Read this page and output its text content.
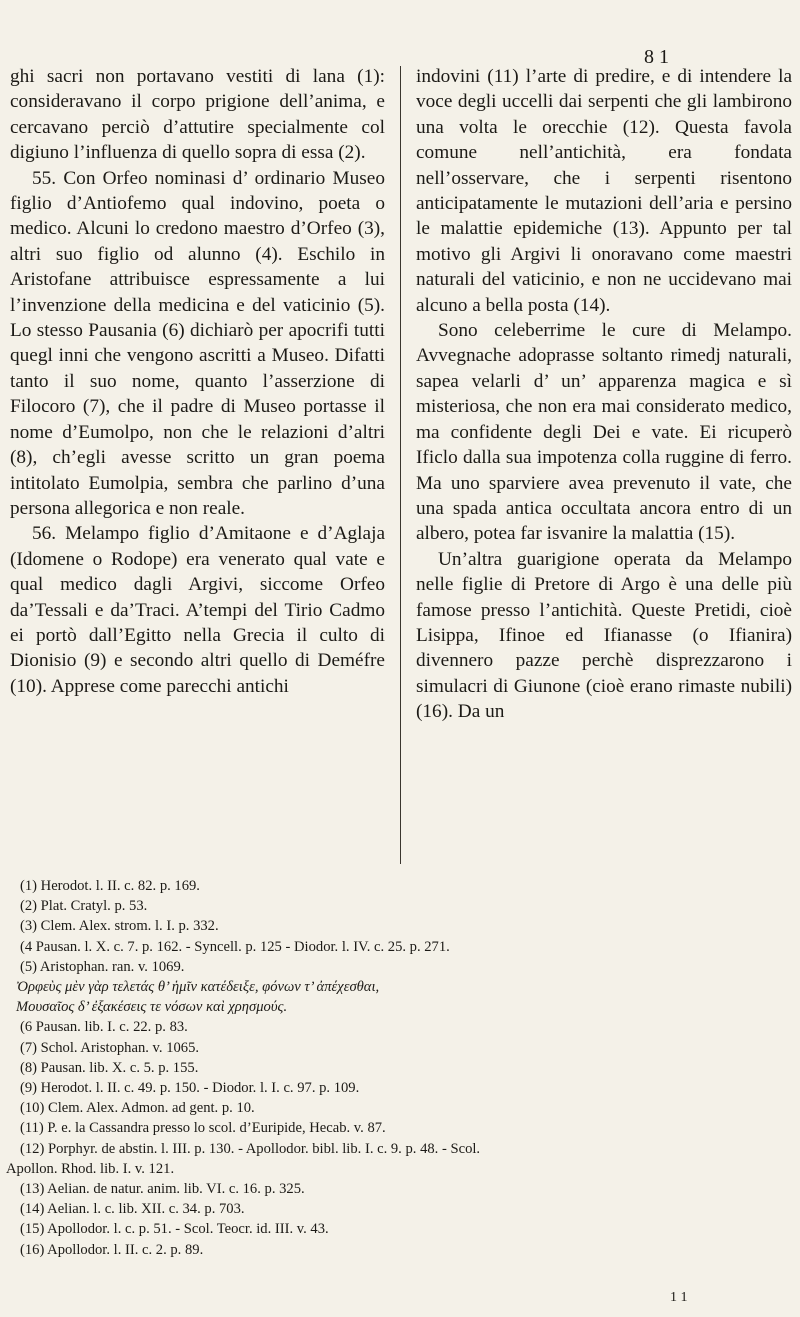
8 1

ghi sacri non portavano vestiti di lana (1): consideravano il corpo prigione dell’anima, e cercavano perciò d’attutire specialmente col digiuno l’influenza di quello sopra di essa (2).

55. Con Orfeo nominasi d’ ordinario Museo figlio d’Antiofemo qual indovino, poeta o medico. Alcuni lo credono maestro d’Orfeo (3), altri suo figlio od alunno (4). Eschilo in Aristofane attribuisce espressamente a lui l’invenzione della medicina e del vaticinio (5). Lo stesso Pausania (6) dichiarò per apocrifi tutti quegl inni che vengono ascritti a Museo. Difatti tanto il suo nome, quanto l’asserzione di Filocoro (7), che il padre di Museo portasse il nome d’Eumolpo, non che le relazioni d’altri (8), ch’egli avesse scritto un gran poema intitolato Eumolpia, sembra che parlino d’una persona allegorica e non reale.

56. Melampo figlio d’Amitaone e d’Aglaja (Idomene o Rodope) era venerato qual vate e qual medico dagli Argivi, siccome Orfeo da’Tessali e da’Traci. A’tempi del Tirio Cadmo ei portò dall’Egitto nella Grecia il culto di Dionisio (9) e secondo altri quello di Deméfre (10). Apprese come parecchi antichi

indovini (11) l’arte di predire, e di intendere la voce degli uccelli dai serpenti che gli lambirono una volta le orecchie (12). Questa favola comune nell’antichità, era fondata nell’osservare, che i serpenti risentono anticipatamente le mutazioni dell’aria e persino le malattie epidemiche (13). Appunto per tal motivo gli Argivi li onoravano come maestri naturali del vaticinio, e non ne uccidevano mai alcuno a bella posta (14).

Sono celeberrime le cure di Melampo. Avvegnache adoprasse soltanto rimedj naturali, sapea velarli d’ un’ apparenza magica e sì misteriosa, che non era mai considerato medico, ma confidente degli Dei e vate. Ei ricuperò Ificlo dalla sua impotenza colla ruggine di ferro. Ma uno sparviere avea prevenuto il vate, che una spada antica occultata ancora entro di un albero, potea far isvanire la malattia (15).

Un’altra guarigione operata da Melampo nelle figlie di Pretore di Argo è una delle più famose presso l’antichità. Queste Pretidi, cioè Lisippa, Ifinoe ed Ifianasse (o Ifianira) divennero pazze perchè disprezzarono i simulacri di Giunone (cioè erano rimaste nubili) (16). Da un

(1) Herodot. l. II. c. 82. p. 169.
(2) Plat. Cratyl. p. 53.
(3) Clem. Alex. strom. l. I. p. 332.
(4 Pausan. l. X. c. 7. p. 162. - Syncell. p. 125 - Diodor. l. IV. c. 25. p. 271.
(5) Aristophan. ran. v. 1069.
Ὀρφεὺς μὲν γὰρ τελετάς θ’ ἡμῖν κατέδειξε, φόνων τ’ ἀπέχεσθαι,
Μουσαῖος δ’ ἐξακέσεις τε νόσων καὶ χρησμούς.
(6 Pausan. lib. I. c. 22. p. 83.
(7) Schol. Aristophan. v. 1065.
(8) Pausan. lib. X. c. 5. p. 155.
(9) Herodot. l. II. c. 49. p. 150. - Diodor. l. I. c. 97. p. 109.
(10) Clem. Alex. Admon. ad gent. p. 10.
(11) P. e. la Cassandra presso lo scol. d’Euripide, Hecab. v. 87.
(12) Porphyr. de abstin. l. III. p. 130. - Apollodor. bibl. lib. I. c. 9. p. 48. - Scol.
Apollon. Rhod. lib. I. v. 121.
(13) Aelian. de natur. anim. lib. VI. c. 16. p. 325.
(14) Aelian. l. c. lib. XII. c. 34. p. 703.
(15) Apollodor. l. c. p. 51. - Scol. Teocr. id. III. v. 43.
(16) Apollodor. l. II. c. 2. p. 89.
1 1
